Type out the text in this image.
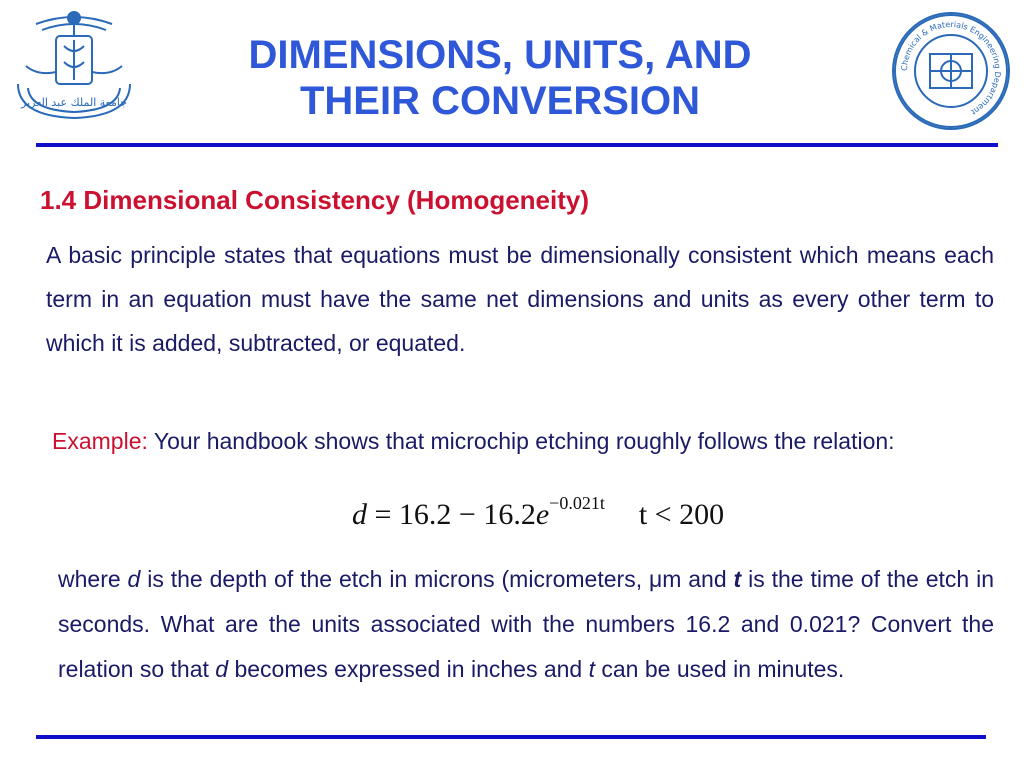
جامعة الملك عبد العزيز
DIMENSIONS, UNITS, AND
THEIR CONVERSION
Chemical & Materials Engineering Department
1.4 Dimensional Consistency (Homogeneity)
A basic principle states that equations must be dimensionally consistent which means each term in an equation must have the same net dimensions and units as every other term to which it is added, subtracted, or equated.
Example: Your handbook shows that microchip etching roughly follows the relation:
$d = 16.2 - 16.2e^{-0.021t}$ t < 200
where d is the depth of the etch in microns (micrometers, μm and t is the time of the etch in seconds. What are the units associated with the numbers 16.2 and 0.021? Convert the relation so that d becomes expressed in inches and t can be used in minutes.
